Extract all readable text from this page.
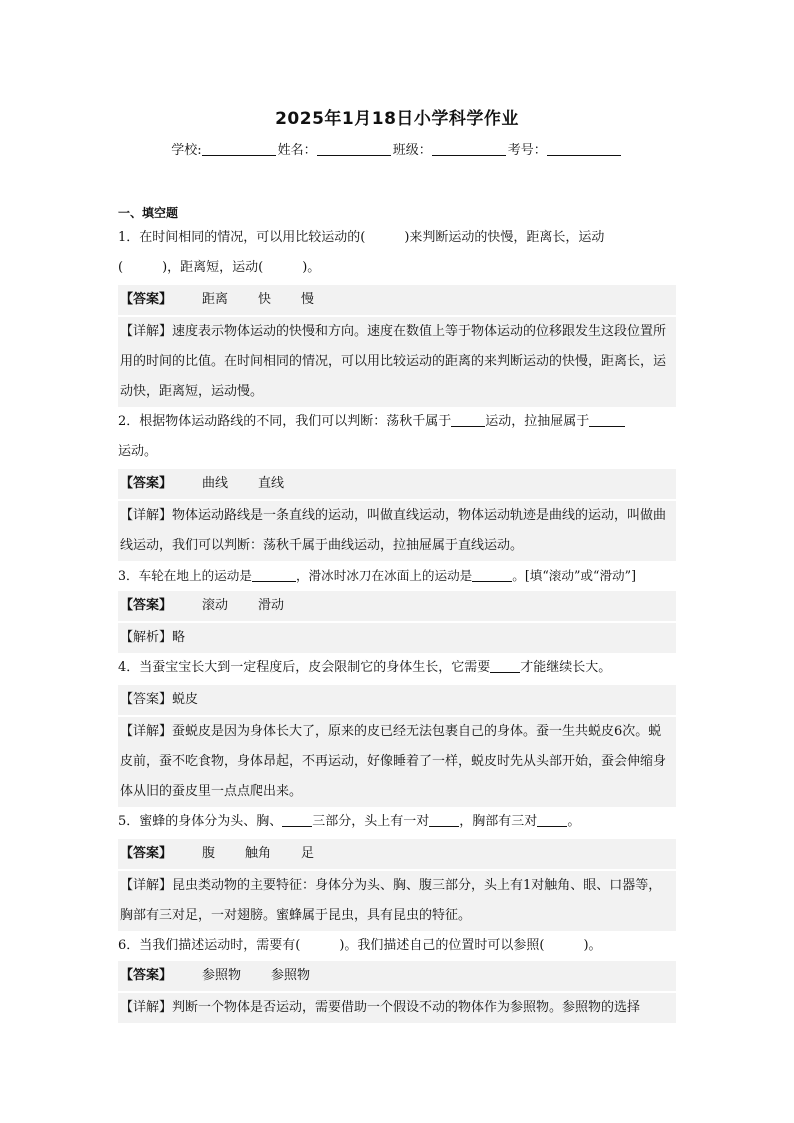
2025年1月18日小学科学作业
学校:	姓名：	班级：	考号：
一、填空题
1．在时间相同的情况，可以用比较运动的(　　　)来判断运动的快慢，距离长，运动
(　　　)，距离短，运动(　　　)。
【答案】 距离 快 慢
【详解】速度表示物体运动的快慢和方向。速度在数值上等于物体运动的位移跟发生这段位置所用的时间的比值。在时间相同的情况，可以用比较运动的距离的来判断运动的快慢，距离长，运动快，距离短，运动慢。
2．根据物体运动路线的不同，我们可以判断：荡秋千属于	运动，拉抽屉属于
运动。
【答案】 曲线 直线
【详解】物体运动路线是一条直线的运动，叫做直线运动，物体运动轨迹是曲线的运动，叫做曲线运动，我们可以判断：荡秋千属于曲线运动，拉抽屉属于直线运动。
3．车轮在地上的运动是	，滑冰时冰刀在冰面上的运动是	。[填“滚动”或“滑动”]
【答案】 滚动 滑动
【解析】略
4．当蚕宝宝长大到一定程度后，皮会限制它的身体生长，它需要 才能继续长大。
【答案】蜕皮
【详解】蚕蜕皮是因为身体长大了，原来的皮已经无法包裹自己的身体。蚕一生共蜕皮6次。蜕皮前，蚕不吃食物，身体昂起，不再运动，好像睡着了一样，蜕皮时先从头部开始，蚕会伸缩身体从旧的蚕皮里一点点爬出来。
5．蜜蜂的身体分为头、胸、 三部分，头上有一对 ，胸部有三对 。
【答案】 腹 触角 足
【详解】昆虫类动物的主要特征：身体分为头、胸、腹三部分，头上有1对触角、眼、口器等，胸部有三对足，一对翅膀。蜜蜂属于昆虫，具有昆虫的特征。
6．当我们描述运动时，需要有(　　　)。我们描述自己的位置时可以参照(　　　)。
【答案】 参照物 参照物
【详解】判断一个物体是否运动，需要借助一个假设不动的物体作为参照物。参照物的选择
